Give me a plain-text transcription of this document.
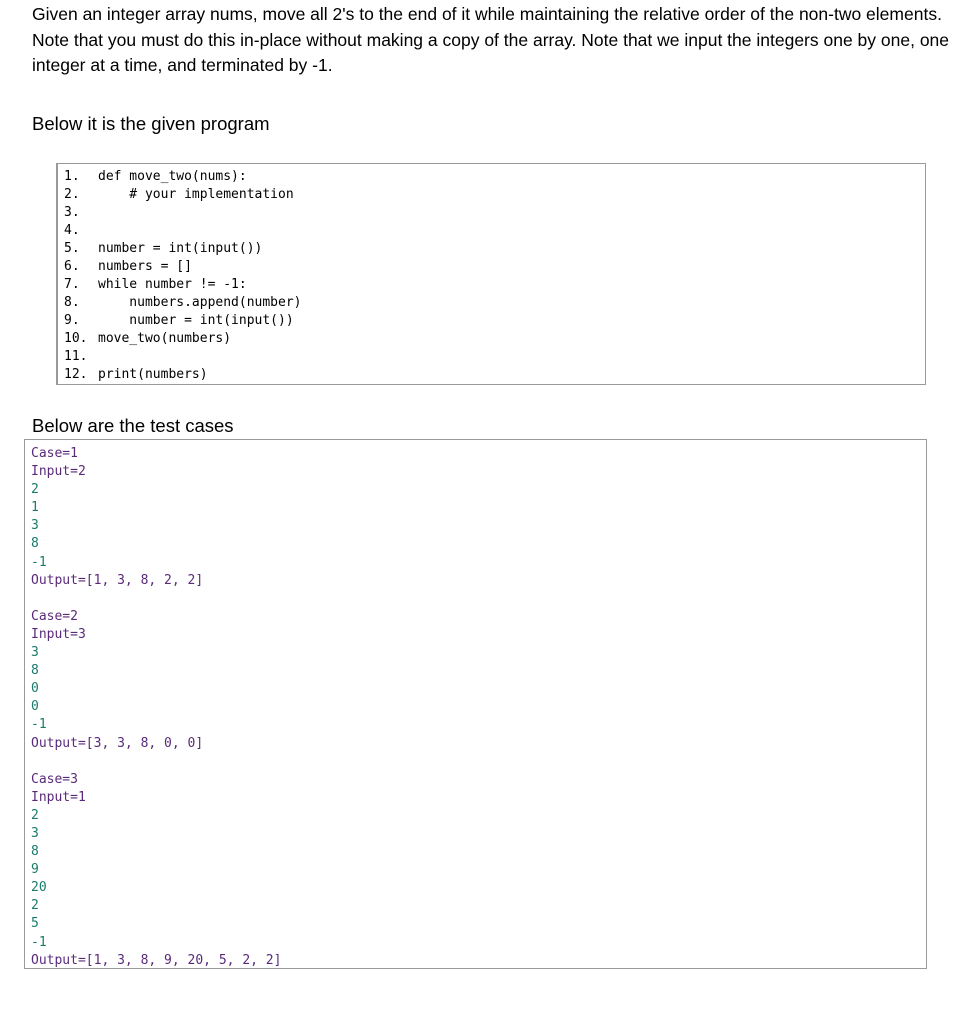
Given an integer array nums, move all 2's to the end of it while maintaining the relative order of the non-two elements. Note that you must do this in-place without making a copy of the array. Note that we input the integers one by one, one integer at a time, and terminated by -1.

Below it is the given program

1. def move_two(nums):
2.    # your implementation
3.
4.
5. number = int(input())
6. numbers = []
7. while number != -1:
8.    numbers.append(number)
9.    number = int(input())
10. move_two(numbers)
11.
12. print(numbers)

Below are the test cases

Case=1
Input=2
2
1
3
8
-1
Output=[1, 3, 8, 2, 2]
Case=2
Input=3
3
8
0
0
-1
Output=[3, 3, 8, 0, 0]
Case=3
Input=1
2
3
8
9
20
2
5
-1
Output=[1, 3, 8, 9, 20, 5, 2, 2]
